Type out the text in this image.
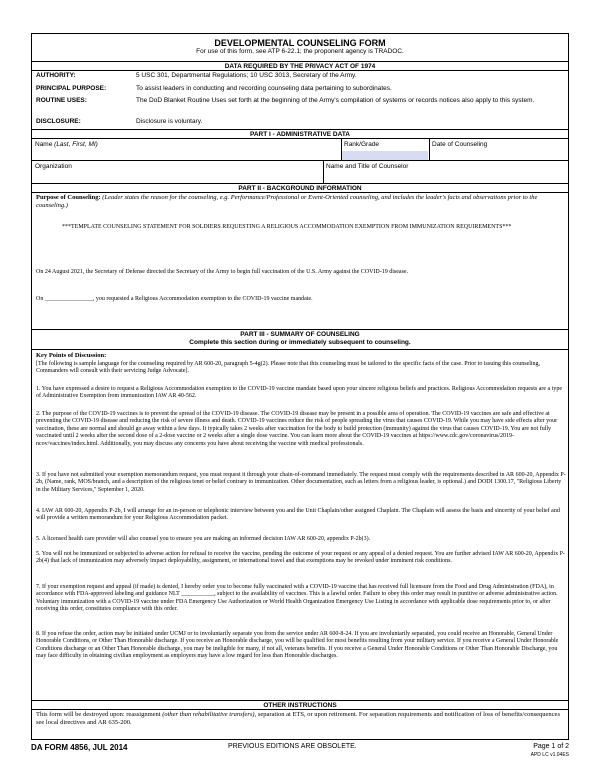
DEVELOPMENTAL COUNSELING FORM
For use of this form, see ATP 6-22.1; the proponent agency is TRADOC.
DATA REQUIRED BY THE PRIVACY ACT OF 1974
AUTHORITY:	5 USC 301, Departmental Regulations; 10 USC 3013, Secretary of the Army.
PRINCIPAL PURPOSE:	To assist leaders in conducting and recording counseling data pertaining to subordinates.
ROUTINE USES:	The DoD Blanket Routine Uses set forth at the beginning of the Army's compilation of systems or records notices also apply to this system.
DISCLOSURE:	Disclosure is voluntary.
PART I - ADMINISTRATIVE DATA
Name (Last, First, MI)	Rank/Grade	Date of Counseling
Organization	Name and Title of Counselor
PART II - BACKGROUND INFORMATION
Purpose of Counseling: (Leader states the reason for the counseling, e.g. Performance/Professional or Event-Oriented counseling, and includes the leader's facts and observations prior to the counseling.)
***TEMPLATE COUNSELING STATEMENT FOR SOLDIERS REQUESTING A RELIGIOUS ACCOMMODATION EXEMPTION FROM IMMUNIZATION REQUIREMENTS***
On 24 August 2021, the Secretary of Defense directed the Secretary of the Army to begin full vaccination of the U.S. Army against the COVID-19 disease.
On ________________, you requested a Religious Accommodation exemption to the COVID-19 vaccine mandate.
PART III - SUMMARY OF COUNSELING
Complete this section during or immediately subsequent to counseling.
Key Points of Discussion:
[The following is sample language for the counseling required by AR 600-20, paragraph 5-4g(2). Please note that this counseling must be tailored to the specific facts of the case. Prior to issuing this counseling, Commanders will consult with their servicing Judge Advocate].
1. You have expressed a desire to request a Religious Accommodation exemption to the COVID-19 vaccine mandate based upon your sincere religious beliefs and practices. Religious Accommodation requests are a type of Administrative Exemption from immunization IAW AR 40-562.
2. The purpose of the COVID-19 vaccines is to prevent the spread of the COVID-19 disease. The COVID-19 disease may be present in a possible area of operation. The COVID-19 vaccines are safe and effective at preventing the COVID-19 disease and reducing the risk of severe illness and death. COVID-19 vaccines reduce the risk of people spreading the virus that causes COVID-19. While you may have side effects after your vaccination, these are normal and should go away within a few days. It typically takes 2 weeks after vaccination for the body to build protection (immunity) against the virus that causes COVID-19. You are not fully vaccinated until 2 weeks after the second dose of a 2-dose vaccine or 2 weeks after a single dose vaccine. You can learn more about the COVID-19 vaccines at https://www.cdc.gov/coronavirus/2019-ncov/vaccines/index.html. Additionally, you may discuss any concerns you have about receiving the vaccine with medical professionals.
3. If you have not submitted your exemption memorandum request, you must request it through your chain-of-command immediately. The request must comply with the requirements described in AR 600-20, Appendix P-2b, (Name, rank, MOS/branch, and a description of the religious tenet or belief contrary to immunization. Other documentation, such as letters from a religious leader, is optional.) and DODI 1300.17, "Religious Liberty in the Military Services," September 1, 2020.
4. IAW AR 600-20, Appendix P-2b, I will arrange for an in-person or telephonic interview between you and the Unit Chaplain/other assigned Chaplain. The Chaplain will assess the basis and sincerity of your belief and will provide a written memorandum for your Religious Accommodation packet.
5. A licensed health care provider will also counsel you to ensure you are making an informed decision IAW AR 600-20, appendix P-2b(3).
5. You will not be immunized or subjected to adverse action for refusal to receive the vaccine, pending the outcome of your request or any appeal of a denied request. You are further advised IAW AR 600-20, Appendix P-2b(4) that lack of immunization may adversely impact deployability, assignment, or international travel and that exemptions may be revoked under imminent risk conditions.
7. If your exemption request and appeal (if made) is denied, I hereby order you to become fully vaccinated with a COVID-19 vaccine that has received full licensure from the Food and Drug Administration (FDA), in accordance with FDA-approved labeling and guidance NLT ___________, subject to the availability of vaccines. This is a lawful order. Failure to obey this order may result in punitive or adverse administrative action. Voluntary immunization with a COVID-19 vaccine under FDA Emergency Use Authorization or World Health Organization Emergency Use Listing in accordance with applicable dose requirements prior to, or after receiving this order, constitutes compliance with this order.
8. If you refuse the order, action may be initiated under UCMJ or to involuntarily separate you from the service under AR 600-8-24. If you are involuntarily separated, you could receive an Honorable, General Under Honorable Conditions, or Other Than Honorable discharge. If you receive an Honorable discharge, you will be qualified for most benefits resulting from your military service. If you receive a General Under Honorable Conditions discharge or an Other Than Honorable discharge, you may be ineligible for many, if not all, veterans benefits. If you receive a General Under Honorable Conditions or Other Than Honorable Discharge, you may face difficulty in obtaining civilian employment as employers may have a low regard for less than Honorable discharges.
OTHER INSTRUCTIONS
This form will be destroyed upon: reassignment (other than rehabilitative transfers), separation at ETS, or upon retirement. For separation requirements and notification of loss of benefits/consequences see local directives and AR 635-200.
DA FORM 4856, JUL 2014	PREVIOUS EDITIONS ARE OBSOLETE.	Page 1 of 2
APD LC v1.04ES
